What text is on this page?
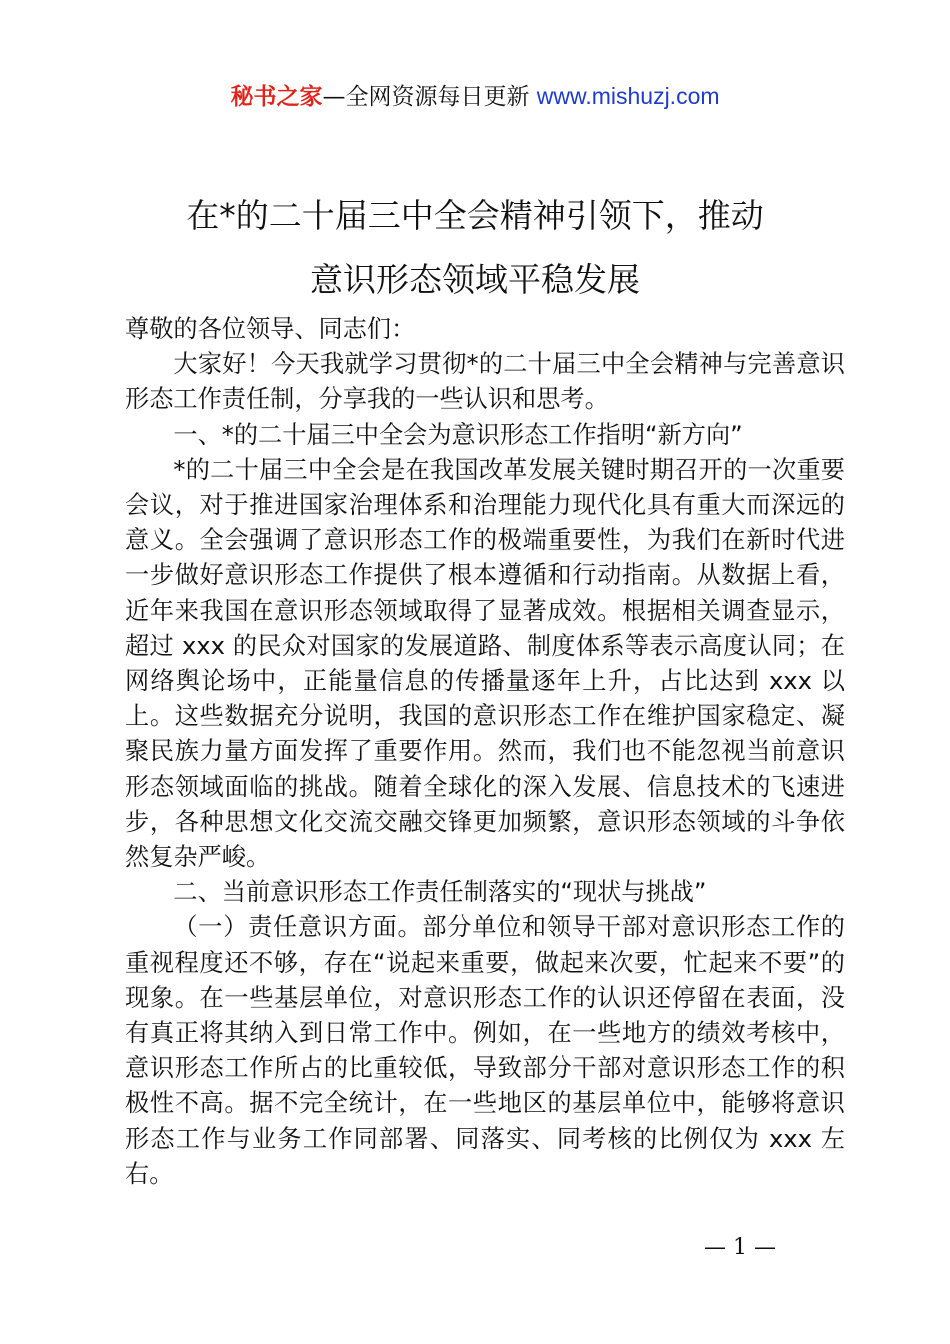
秘书之家—全网资源每日更新 www.mishuzj.com
在*的二十届三中全会精神引领下，推动
意识形态领域平稳发展

尊敬的各位领导、同志们：

大家好！今天我就学习贯彻*的二十届三中全会精神与完善意识形态工作责任制，分享我的一些认识和思考。

一、*的二十届三中全会为意识形态工作指明“新方向”

*的二十届三中全会是在我国改革发展关键时期召开的一次重要会议，对于推进国家治理体系和治理能力现代化具有重大而深远的意义。全会强调了意识形态工作的极端重要性，为我们在新时代进一步做好意识形态工作提供了根本遵循和行动指南。从数据上看，近年来我国在意识形态领域取得了显著成效。根据相关调查显示，超过 xxx 的民众对国家的发展道路、制度体系等表示高度认同；在网络舆论场中，正能量信息的传播量逐年上升，占比达到 xxx 以上。这些数据充分说明，我国的意识形态工作在维护国家稳定、凝聚民族力量方面发挥了重要作用。然而，我们也不能忽视当前意识形态领域面临的挑战。随着全球化的深入发展、信息技术的飞速进步，各种思想文化交流交融交锋更加频繁，意识形态领域的斗争依然复杂严峻。

二、当前意识形态工作责任制落实的“现状与挑战”

（一）责任意识方面。部分单位和领导干部对意识形态工作的重视程度还不够，存在“说起来重要，做起来次要，忙起来不要”的现象。在一些基层单位，对意识形态工作的认识还停留在表面，没有真正将其纳入到日常工作中。例如，在一些地方的绩效考核中，意识形态工作所占的比重较低，导致部分干部对意识形态工作的积极性不高。据不完全统计，在一些地区的基层单位中，能够将意识形态工作与业务工作同部署、同落实、同考核的比例仅为 xxx 左右。

— 1 —
